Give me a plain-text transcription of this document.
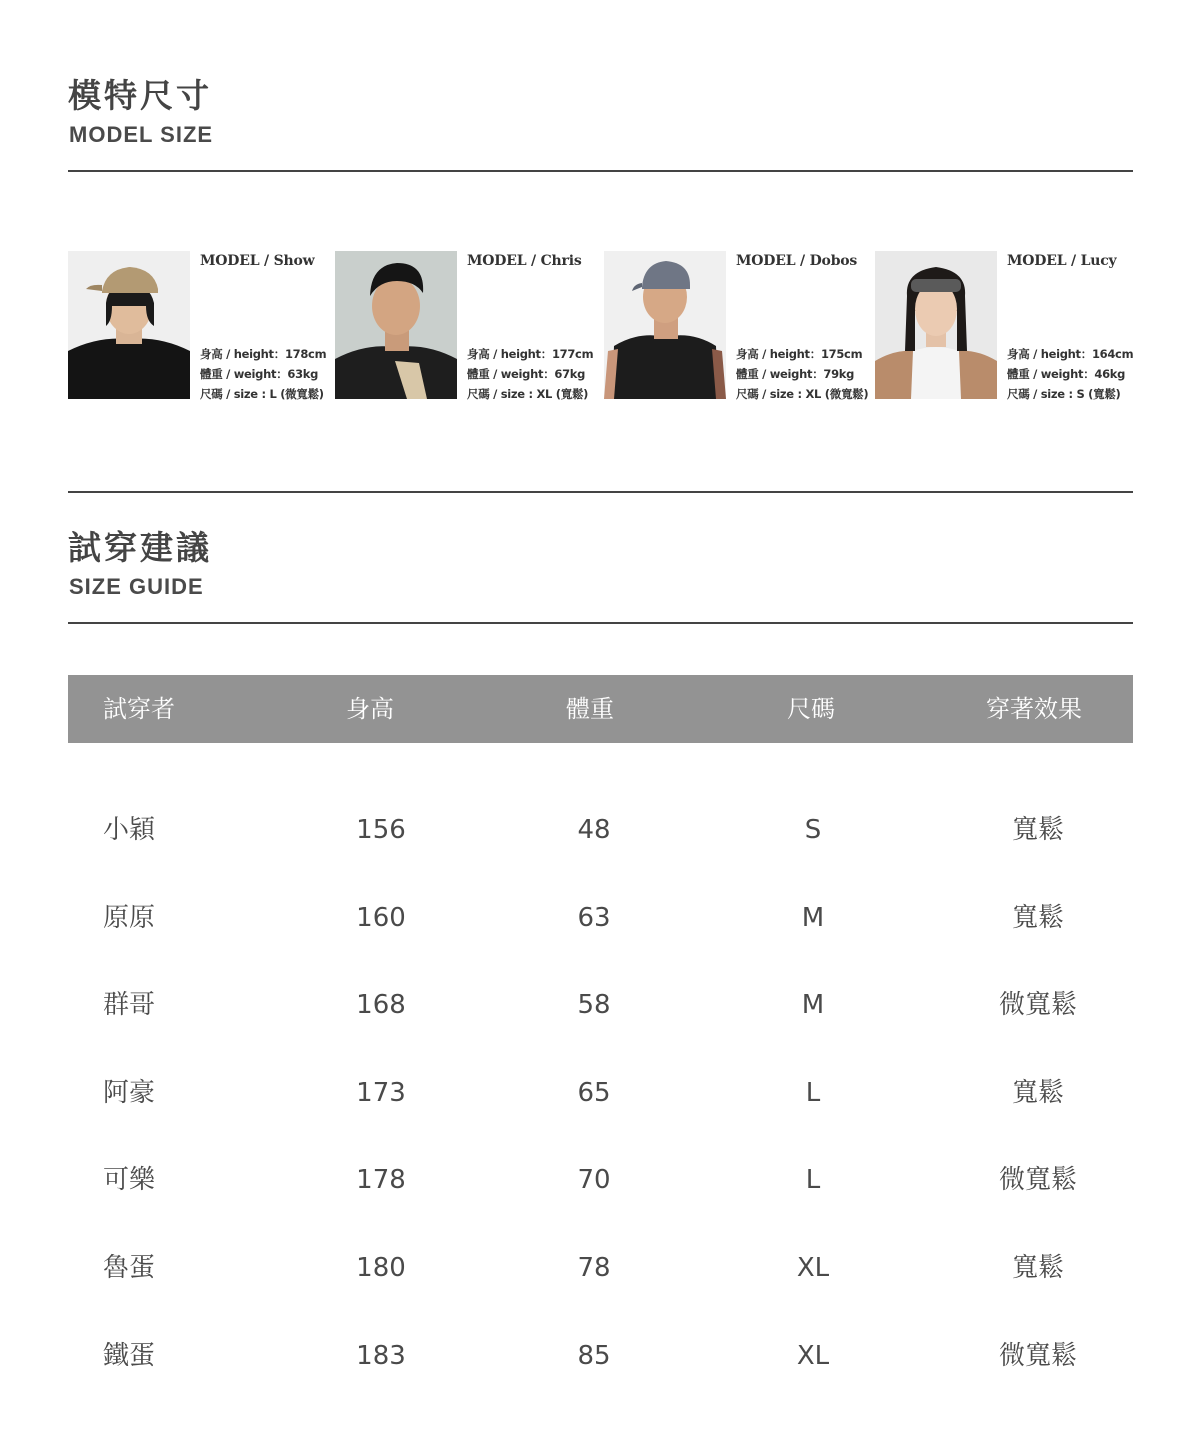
模特尺寸
MODEL SIZE
MODEL / Show
身高 / height：178cm
體重 / weight：63kg
尺碼 / size : L (微寬鬆)
MODEL / Chris
身高 / height：177cm
體重 / weight：67kg
尺碼 / size : XL (寬鬆)
MODEL / Dobos
身高 / height：175cm
體重 / weight：79kg
尺碼 / size : XL (微寬鬆)
MODEL / Lucy
身高 / height：164cm
體重 / weight：46kg
尺碼 / size : S (寬鬆)
試穿建議
SIZE GUIDE
試穿者	身高	體重	尺碼	穿著效果
小穎	156	48	S	寬鬆
原原	160	63	M	寬鬆
群哥	168	58	M	微寬鬆
阿豪	173	65	L	寬鬆
可樂	178	70	L	微寬鬆
魯蛋	180	78	XL	寬鬆
鐵蛋	183	85	XL	微寬鬆
